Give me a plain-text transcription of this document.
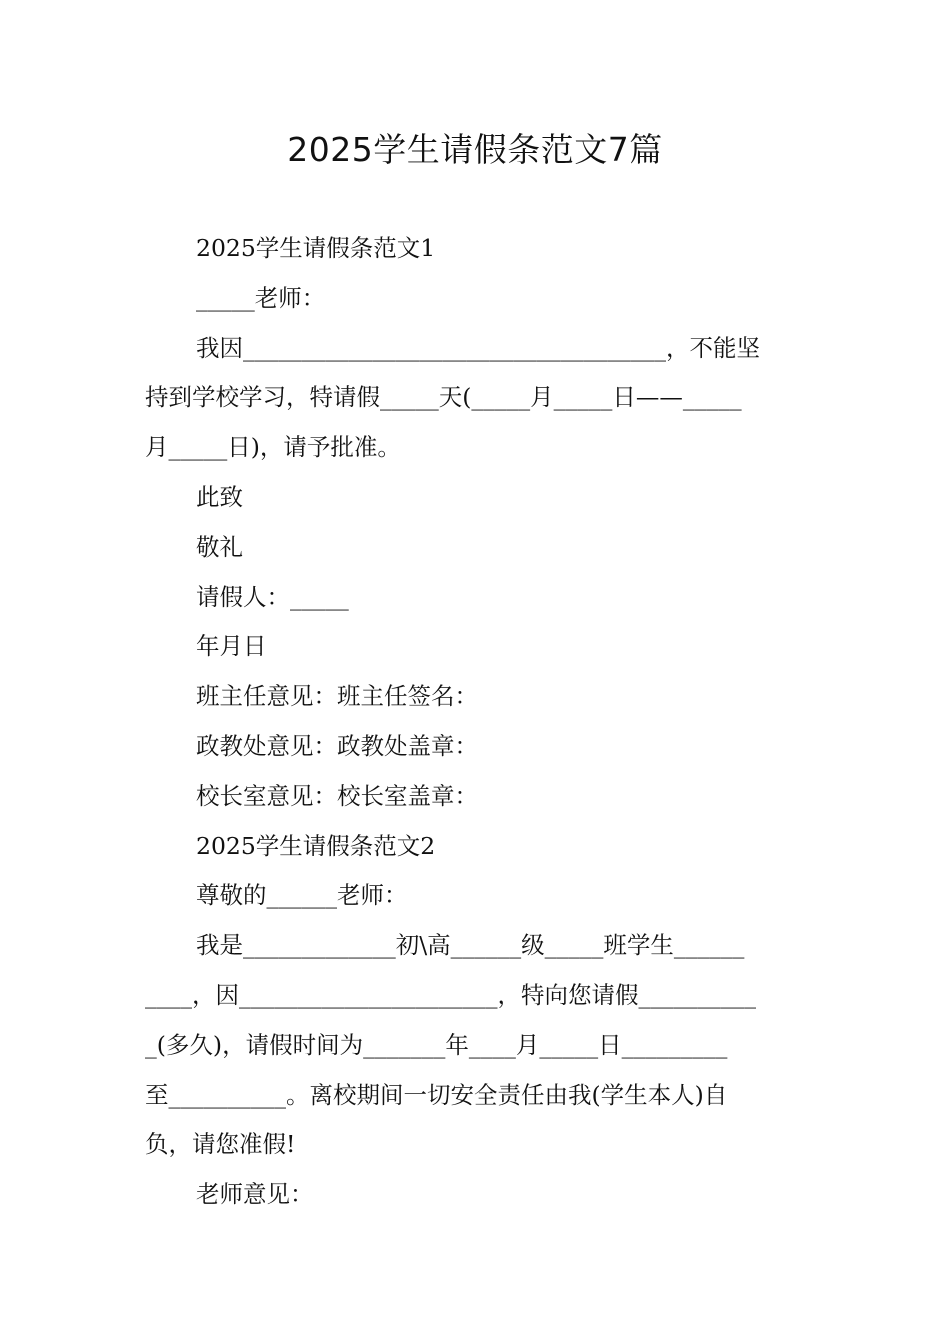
2025学生请假条范文7篇
2025学生请假条范文1
_____老师：
我因____________________________________，不能坚
持到学校学习，特请假_____天(_____月_____日——_____
月_____日)，请予批准。
此致
敬礼
请假人：_____
年月日
班主任意见：班主任签名：
政教处意见：政教处盖章：
校长室意见：校长室盖章：
2025学生请假条范文2
尊敬的______老师：
我是_____________初\高______级_____班学生______
____，因______________________，特向您请假__________
_(多久)，请假时间为_______年____月_____日_________
至__________。离校期间一切安全责任由我(学生本人)自
负，请您准假!
老师意见：
